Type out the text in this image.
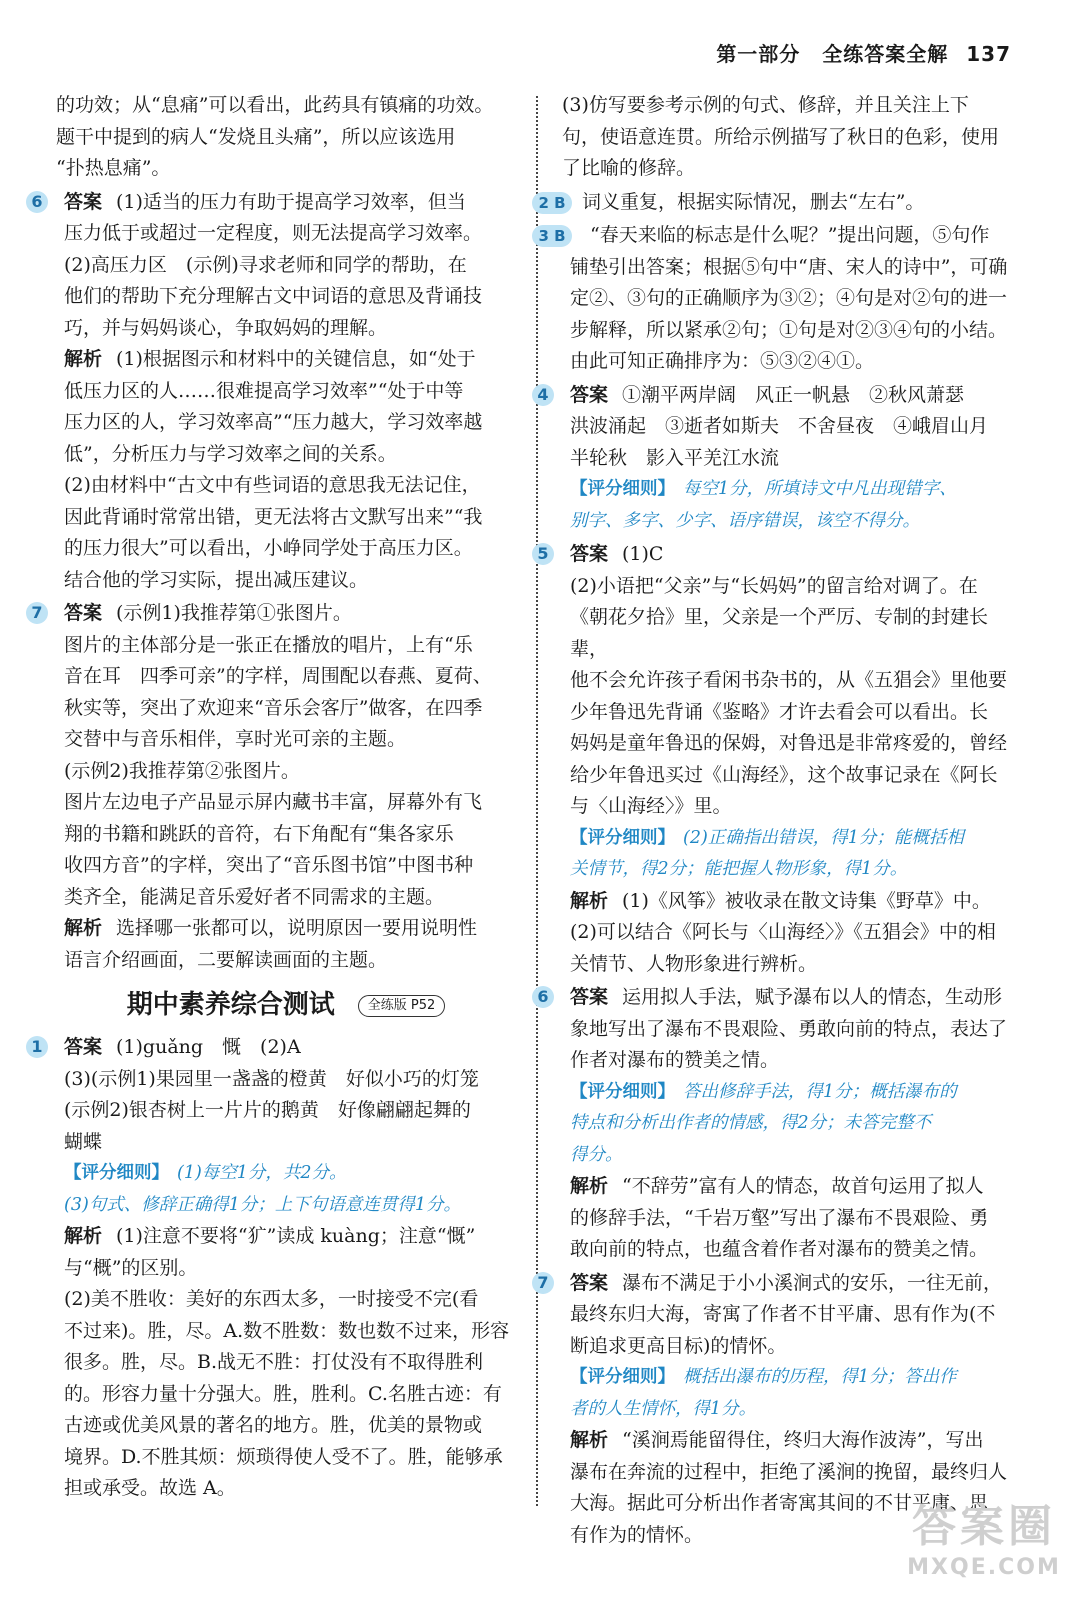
第一部分 全练答案全解 137

的功效；从“息痛”可以看出，此药具有镇痛的功效。

题干中提到的病人“发烧且头痛”，所以应该选用

“扑热息痛”。

6 答案 (1)适当的压力有助于提高学习效率，但当

压力低于或超过一定程度，则无法提高学习效率。

(2)高压力区　(示例)寻求老师和同学的帮助，在

他们的帮助下充分理解古文中词语的意思及背诵技

巧，并与妈妈谈心，争取妈妈的理解。

解析 (1)根据图示和材料中的关键信息，如“处于

低压力区的人……很难提高学习效率”“处于中等

压力区的人，学习效率高”“压力越大，学习效率越

低”，分析压力与学习效率之间的关系。

(2)由材料中“古文中有些词语的意思我无法记住，

因此背诵时常常出错，更无法将古文默写出来”“我

的压力很大”可以看出，小峥同学处于高压力区。

结合他的学习实际，提出减压建议。

7 答案 (示例1)我推荐第①张图片。

图片的主体部分是一张正在播放的唱片，上有“乐

音在耳　四季可亲”的字样，周围配以春燕、夏荷、

秋实等，突出了欢迎来“音乐会客厅”做客，在四季

交替中与音乐相伴，享时光可亲的主题。

(示例2)我推荐第②张图片。

图片左边电子产品显示屏内藏书丰富，屏幕外有飞

翔的书籍和跳跃的音符，右下角配有“集各家乐

收四方音”的字样，突出了“音乐图书馆”中图书种

类齐全，能满足音乐爱好者不同需求的主题。

解析 选择哪一张都可以，说明原因一要用说明性

语言介绍画面，二要解读画面的主题。

期中素养综合测试	全练版 P52
1 答案 (1)guǎng　慨　(2)A

(3)(示例1)果园里一盏盏的橙黄　好似小巧的灯笼

(示例2)银杏树上一片片的鹅黄　好像翩翩起舞的

蝴蝶

【评分细则】 (1)每空1分，共2分。

(3)句式、修辞正确得1分；上下句语意连贯得1分。

解析 (1)注意不要将“犷”读成 kuàng；注意“慨”

与“概”的区别。

(2)美不胜收：美好的东西太多，一时接受不完(看

不过来)。胜，尽。A.数不胜数：数也数不过来，形容

很多。胜，尽。B.战无不胜：打仗没有不取得胜利

的。形容力量十分强大。胜，胜利。C.名胜古迹：有

古迹或优美风景的著名的地方。胜，优美的景物或

境界。D.不胜其烦：烦琐得使人受不了。胜，能够承

担或承受。故选 A。

(3)仿写要参考示例的句式、修辞，并且关注上下

句，使语意连贯。所给示例描写了秋日的色彩，使用

了比喻的修辞。

2 B 词义重复，根据实际情况，删去“左右”。

3 B	“春天来临的标志是什么呢？”提出问题，⑤句作

铺垫引出答案；根据⑤句中“唐、宋人的诗中”，可确

定②、③句的正确顺序为③②；④句是对②句的进一

步解释，所以紧承②句；①句是对②③④句的小结。

由此可知正确排序为：⑤③②④①。

4 答案 ①潮平两岸阔　风正一帆悬　②秋风萧瑟

洪波涌起　③逝者如斯夫　不舍昼夜　④峨眉山月

半轮秋　影入平羌江水流

【评分细则】 每空1分，所填诗文中凡出现错字、

别字、多字、少字、语序错误，该空不得分。

5 答案 (1)C

(2)小语把“父亲”与“长妈妈”的留言给对调了。在

《朝花夕拾》里，父亲是一个严厉、专制的封建长辈，

他不会允许孩子看闲书杂书的，从《五猖会》里他要

少年鲁迅先背诵《鉴略》才许去看会可以看出。长

妈妈是童年鲁迅的保姆，对鲁迅是非常疼爱的，曾经

给少年鲁迅买过《山海经》，这个故事记录在《阿长

与〈山海经〉》里。

【评分细则】 (2)正确指出错误，得1分；能概括相

关情节，得2分；能把握人物形象，得1分。

解析 (1)《风筝》被收录在散文诗集《野草》中。

(2)可以结合《阿长与〈山海经〉》《五猖会》中的相

关情节、人物形象进行辨析。

6 答案 运用拟人手法，赋予瀑布以人的情态，生动形

象地写出了瀑布不畏艰险、勇敢向前的特点，表达了

作者对瀑布的赞美之情。

【评分细则】 答出修辞手法，得1分；概括瀑布的

特点和分析出作者的情感，得2分；未答完整不

得分。

解析 “不辞劳”富有人的情态，故首句运用了拟人

的修辞手法，“千岩万壑”写出了瀑布不畏艰险、勇

敢向前的特点，也蕴含着作者对瀑布的赞美之情。

7 答案 瀑布不满足于小小溪涧式的安乐，一往无前，

最终东归大海，寄寓了作者不甘平庸、思有作为(不

断追求更高目标)的情怀。

【评分细则】 概括出瀑布的历程，得1分；答出作

者的人生情怀，得1分。

解析 “溪涧焉能留得住，终归大海作波涛”，写出

瀑布在奔流的过程中，拒绝了溪涧的挽留，最终归人

大海。据此可分析出作者寄寓其间的不甘平庸、思

有作为的情怀。	答案圈
MXQE.COM
